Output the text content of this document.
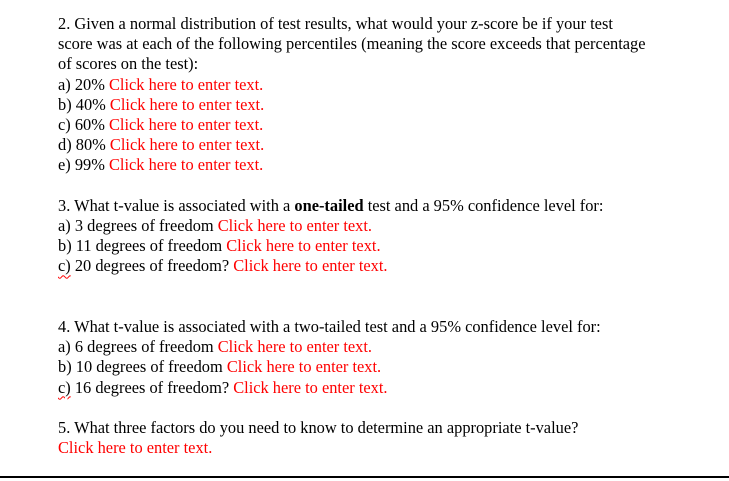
2. Given a normal distribution of test results, what would your z-score be if your test
score was at each of the following percentiles (meaning the score exceeds that percentage
of scores on the test):
a) 20% Click here to enter text.
b) 40% Click here to enter text.
c) 60% Click here to enter text.
d) 80% Click here to enter text.
e) 99% Click here to enter text.
3. What t-value is associated with a one-tailed test and a 95% confidence level for:
a) 3 degrees of freedom Click here to enter text.
b) 11 degrees of freedom Click here to enter text.
c) 20 degrees of freedom? Click here to enter text.
4. What t-value is associated with a two-tailed test and a 95% confidence level for:
a) 6 degrees of freedom Click here to enter text.
b) 10 degrees of freedom Click here to enter text.
c) 16 degrees of freedom? Click here to enter text.
5. What three factors do you need to know to determine an appropriate t-value?
Click here to enter text.
